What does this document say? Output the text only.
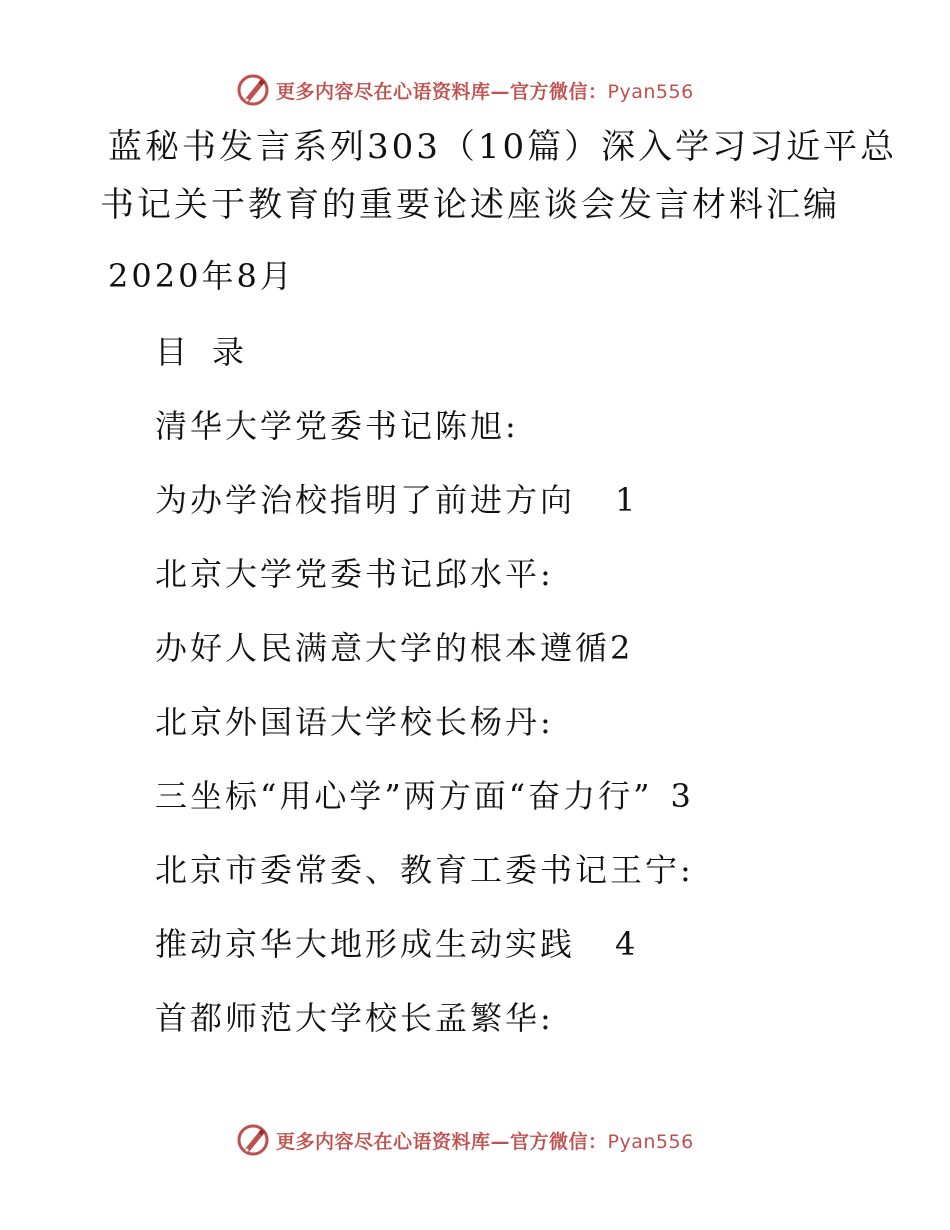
更多内容尽在心语资料库—官方微信：Pyan556
蓝秘书发言系列303（10篇）深入学习习近平总
书记关于教育的重要论述座谈会发言材料汇编
2020年8月
目 录
清华大学党委书记陈旭:
为办学治校指明了前进方向 1
北京大学党委书记邱水平:
办好人民满意大学的根本遵循2
北京外国语大学校长杨丹:
三坐标“用心学”两方面“奋力行” 3
北京市委常委、教育工委书记王宁:
推动京华大地形成生动实践 4
首都师范大学校长孟繁华:
更多内容尽在心语资料库—官方微信：Pyan556
